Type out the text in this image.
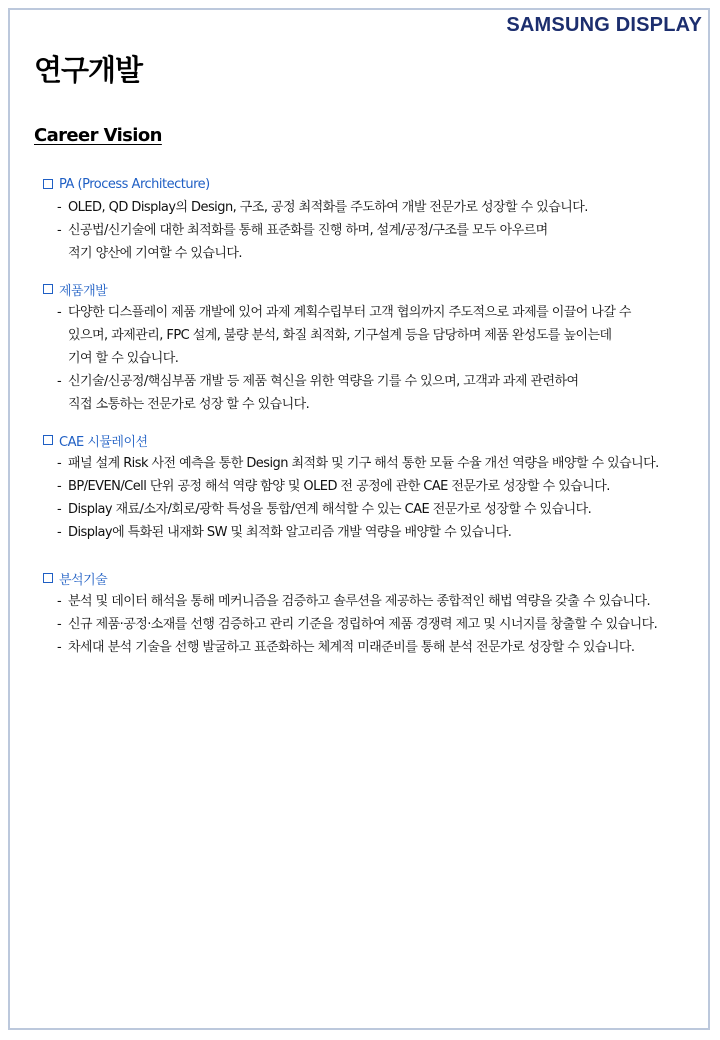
SAMSUNG DISPLAY
연구개발
Career Vision
PA (Process Architecture)
- OLED, QD Display의 Design, 구조, 공정 최적화를 주도하여 개발 전문가로 성장할 수 있습니다.
- 신공법/신기술에 대한 최적화를 통해 표준화를 진행 하며, 설계/공정/구조를 모두 아우르며
적기 양산에 기여할 수 있습니다.
제품개발
- 다양한 디스플레이 제품 개발에 있어 과제 계획수립부터 고객 협의까지 주도적으로 과제를 이끌어 나갈 수
있으며, 과제관리, FPC 설계, 불량 분석, 화질 최적화, 기구설계 등을 담당하며 제품 완성도를 높이는데
기여 할 수 있습니다.
- 신기술/신공정/핵심부품 개발 등 제품 혁신을 위한 역량을 기를 수 있으며, 고객과 과제 관련하여
직접 소통하는 전문가로 성장 할 수 있습니다.
CAE 시뮬레이션
- 패널 설계 Risk 사전 예측을 통한 Design 최적화 및 기구 해석 통한 모듈 수율 개선 역량을 배양할 수 있습니다.
- BP/EVEN/Cell 단위 공정 해석 역량 함양 및 OLED 전 공정에 관한 CAE 전문가로 성장할 수 있습니다.
- Display 재료/소자/회로/광학 특성을 통합/연계 해석할 수 있는 CAE 전문가로 성장할 수 있습니다.
- Display에 특화된 내재화 SW 및 최적화 알고리즘 개발 역량을 배양할 수 있습니다.
분석기술
- 분석 및 데이터 해석을 통해 메커니즘을 검증하고 솔루션을 제공하는 종합적인 해법 역량을 갖출 수 있습니다.
- 신규 제품·공정·소재를 선행 검증하고 관리 기준을 정립하여 제품 경쟁력 제고 및 시너지를 창출할 수 있습니다.
- 차세대 분석 기술을 선행 발굴하고 표준화하는 체계적 미래준비를 통해 분석 전문가로 성장할 수 있습니다.
